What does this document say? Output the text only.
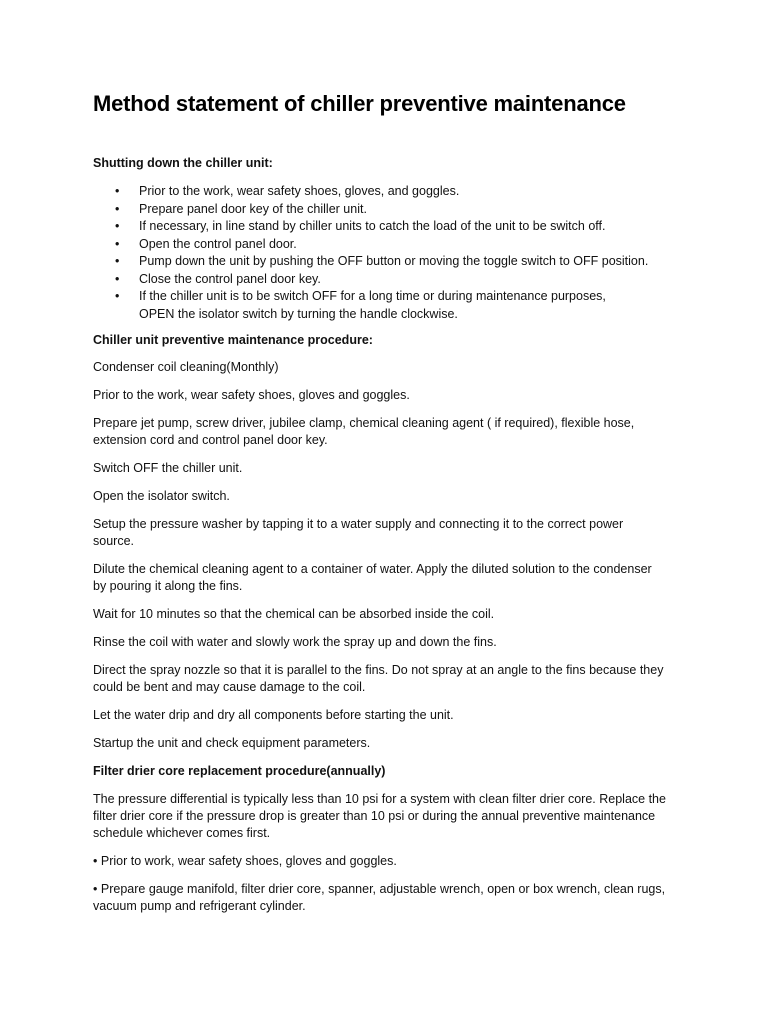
Method statement of chiller preventive maintenance
Shutting down the chiller unit:
• Prior to the work, wear safety shoes, gloves, and goggles.
• Prepare panel door key of the chiller unit.
• If necessary, in line stand by chiller units to catch the load of the unit to be switch off.
• Open the control panel door.
• Pump down the unit by pushing the OFF button or moving the toggle switch to OFF position.
• Close the control panel door key.
• If the chiller unit is to be switch OFF for a long time or during maintenance purposes, OPEN the isolator switch by turning the handle clockwise.
Chiller unit preventive maintenance procedure:

Condenser coil cleaning(Monthly)

Prior to the work, wear safety shoes, gloves and goggles.

Prepare jet pump, screw driver, jubilee clamp, chemical cleaning agent ( if required), flexible hose, extension cord and control panel door key.

Switch OFF the chiller unit.

Open the isolator switch.

Setup the pressure washer by tapping it to a water supply and connecting it to the correct power source.

Dilute the chemical cleaning agent to a container of water. Apply the diluted solution to the condenser by pouring it along the fins.

Wait for 10 minutes so that the chemical can be absorbed inside the coil.

Rinse the coil with water and slowly work the spray up and down the fins.

Direct the spray nozzle so that it is parallel to the fins. Do not spray at an angle to the fins because they could be bent and may cause damage to the coil.

Let the water drip and dry all components before starting the unit.

Startup the unit and check equipment parameters.

Filter drier core replacement procedure(annually)

The pressure differential is typically less than 10 psi for a system with clean filter drier core. Replace the filter drier core if the pressure drop is greater than 10 psi or during the annual preventive maintenance schedule whichever comes first.

• Prior to work, wear safety shoes, gloves and goggles.

• Prepare gauge manifold, filter drier core, spanner, adjustable wrench, open or box wrench, clean rugs, vacuum pump and refrigerant cylinder.
